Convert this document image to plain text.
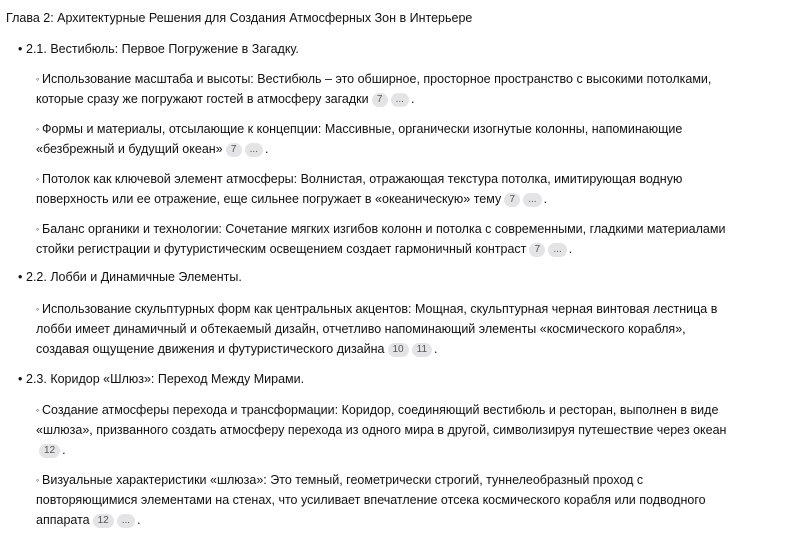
Глава 2: Архитектурные Решения для Создания Атмосферных Зон в Интерьере
• 2.1. Вестибюль: Первое Погружение в Загадку.
◦ Использование масштаба и высоты: Вестибюль – это обширное, просторное пространство с высокими потолками, которые сразу же погружают гостей в атмосферу загадки 7 ... .
◦ Формы и материалы, отсылающие к концепции: Массивные, органически изогнутые колонны, напоминающие «безбрежный и будущий океан» 7 ... .
◦ Потолок как ключевой элемент атмосферы: Волнистая, отражающая текстура потолка, имитирующая водную поверхность или ее отражение, еще сильнее погружает в «океаническую» тему 7 ... .
◦ Баланс органики и технологии: Сочетание мягких изгибов колонн и потолка с современными, гладкими материалами стойки регистрации и футуристическим освещением создает гармоничный контраст 7 ... .
• 2.2. Лобби и Динамичные Элементы.
◦ Использование скульптурных форм как центральных акцентов: Мощная, скульптурная черная винтовая лестница в лобби имеет динамичный и обтекаемый дизайн, отчетливо напоминающий элементы «космического корабля», создавая ощущение движения и футуристического дизайна 10 11 .
• 2.3. Коридор «Шлюз»: Переход Между Мирами.
◦ Создание атмосферы перехода и трансформации: Коридор, соединяющий вестибюль и ресторан, выполнен в виде «шлюза», призванного создать атмосферу перехода из одного мира в другой, символизируя путешествие через океан12 .
◦ Визуальные характеристики «шлюза»: Это темный, геометрически строгий, туннелеобразный проход с повторяющимися элементами на стенах, что усиливает впечатление отсека космического корабля или подводного аппарата 12 ... .
